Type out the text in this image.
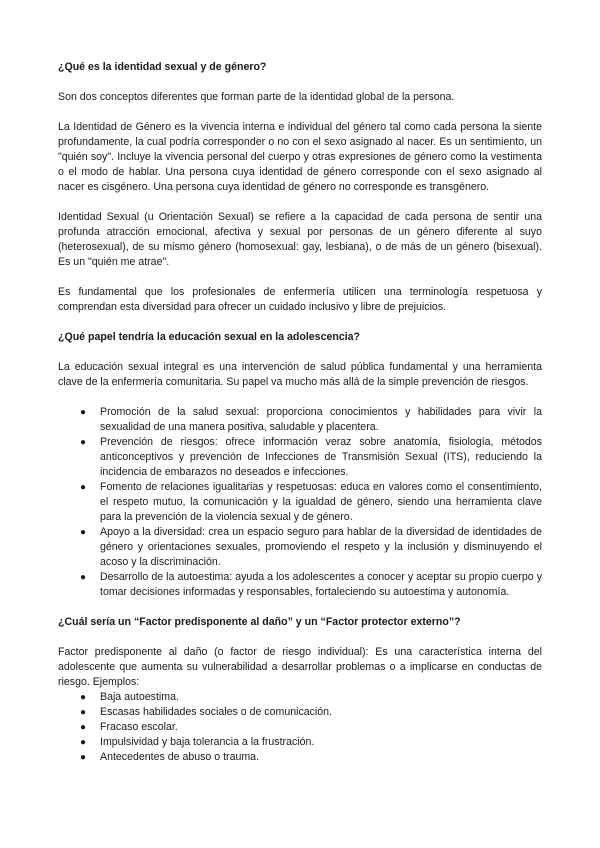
¿Qué es la identidad sexual y de género?

Son dos conceptos diferentes que forman parte de la identidad global de la persona.

La Identidad de Género es la vivencia interna e individual del género tal como cada persona la siente profundamente, la cual podría corresponder o no con el sexo asignado al nacer. Es un sentimiento, un "quién soy". Incluye la vivencia personal del cuerpo y otras expresiones de género como la vestimenta o el modo de hablar. Una persona cuya identidad de género corresponde con el sexo asignado al nacer es cisgénero. Una persona cuya identidad de género no corresponde es transgénero.

Identidad Sexual (u Orientación Sexual) se refiere a la capacidad de cada persona de sentir una profunda atracción emocional, afectiva y sexual por personas de un género diferente al suyo (heterosexual), de su mismo género (homosexual: gay, lesbiana), o de más de un género (bisexual). Es un "quién me atrae".

Es fundamental que los profesionales de enfermería utilicen una terminología respetuosa y comprendan esta diversidad para ofrecer un cuidado inclusivo y libre de prejuicios.

¿Qué papel tendría la educación sexual en la adolescencia?

La educación sexual integral es una intervención de salud pública fundamental y una herramienta clave de la enfermería comunitaria. Su papel va mucho más allá de la simple prevención de riesgos.

● Promoción de la salud sexual: proporciona conocimientos y habilidades para vivir la sexualidad de una manera positiva, saludable y placentera.
● Prevención de riesgos: ofrece información veraz sobre anatomía, fisiología, métodos anticonceptivos y prevención de Infecciones de Transmisión Sexual (ITS), reduciendo la incidencia de embarazos no deseados e infecciones.
● Fomento de relaciones igualitarias y respetuosas: educa en valores como el consentimiento, el respeto mutuo, la comunicación y la igualdad de género, siendo una herramienta clave para la prevención de la violencia sexual y de género.
● Apoyo a la diversidad: crea un espacio seguro para hablar de la diversidad de identidades de género y orientaciones sexuales, promoviendo el respeto y la inclusión y disminuyendo el acoso y la discriminación.
● Desarrollo de la autoestima: ayuda a los adolescentes a conocer y aceptar su propio cuerpo y tomar decisiones informadas y responsables, fortaleciendo su autoestima y autonomía.
¿Cuál sería un “Factor predisponente al daño” y un “Factor protector externo”?

Factor predisponente al daño (o factor de riesgo individual): Es una característica interna del adolescente que aumenta su vulnerabilidad a desarrollar problemas o a implicarse en conductas de riesgo. Ejemplos:

● Baja autoestima.
● Escasas habilidades sociales o de comunicación.
● Fracaso escolar.
● Impulsividad y baja tolerancia a la frustración.
● Antecedentes de abuso o trauma.
